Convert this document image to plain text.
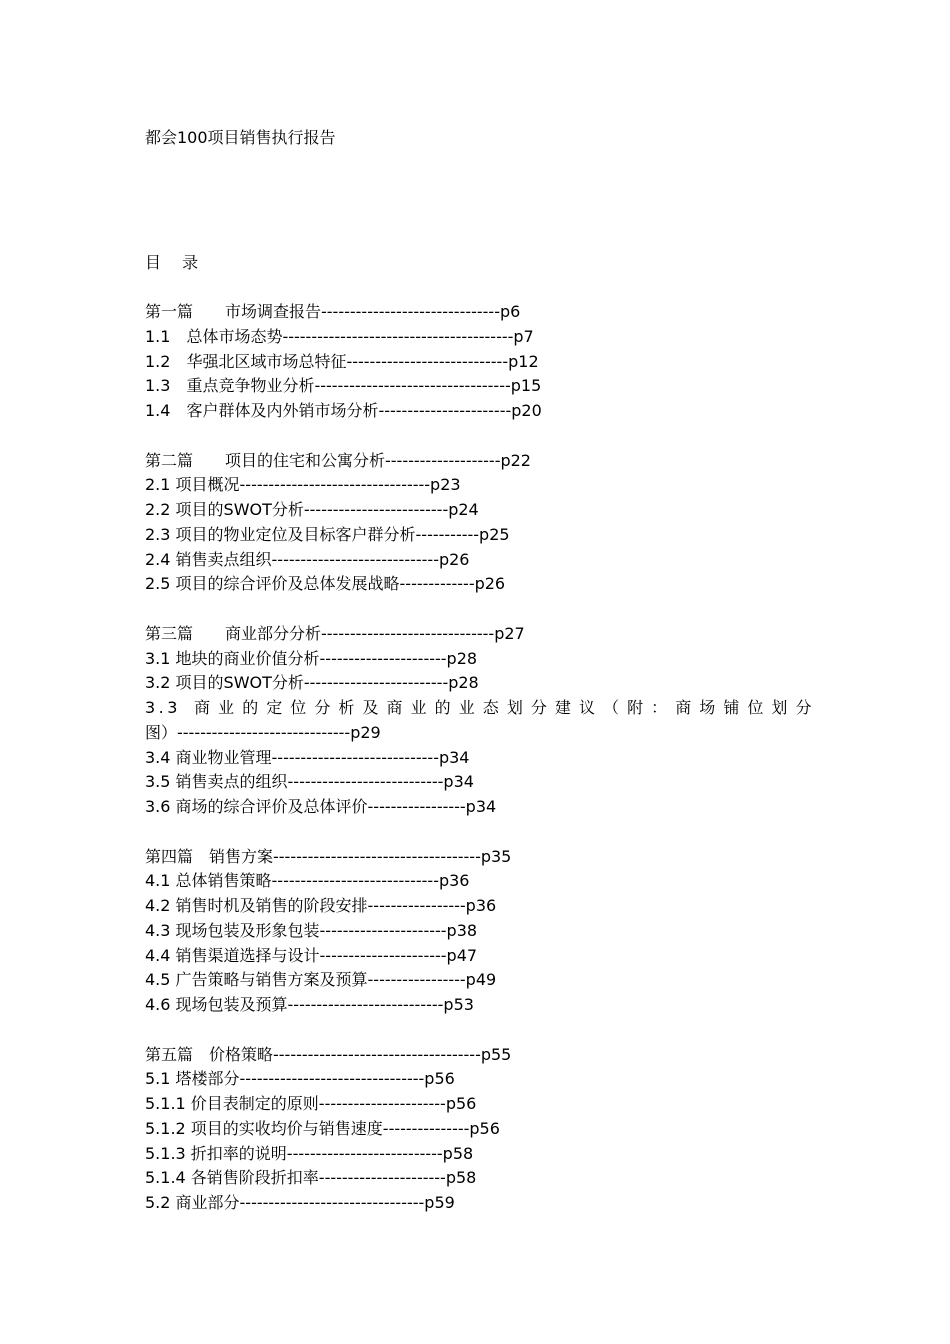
都会100项目销售执行报告
目 录
第一篇　　市场调查报告-------------------------------p6
1.1　总体市场态势----------------------------------------p7
1.2　华强北区域市场总特征----------------------------p12
1.3　重点竞争物业分析----------------------------------p15
1.4　客户群体及内外销市场分析-----------------------p20
第二篇　　项目的住宅和公寓分析--------------------p22
2.1 项目概况---------------------------------p23
2.2 项目的SWOT分析-------------------------p24
2.3 项目的物业定位及目标客户群分析-----------p25
2.4 销售卖点组织-----------------------------p26
2.5 项目的综合评价及总体发展战略-------------p26
第三篇　　商业部分分析------------------------------p27
3.1 地块的商业价值分析----------------------p28
3.2 项目的SWOT分析-------------------------p28
3.3 商业的定位分析及商业的业态划分建议（附：商场铺位划分
图）------------------------------p29
3.4 商业物业管理-----------------------------p34
3.5 销售卖点的组织---------------------------p34
3.6 商场的综合评价及总体评价-----------------p34
第四篇　销售方案------------------------------------p35
4.1 总体销售策略-----------------------------p36
4.2 销售时机及销售的阶段安排-----------------p36
4.3 现场包装及形象包装----------------------p38
4.4 销售渠道选择与设计----------------------p47
4.5 广告策略与销售方案及预算-----------------p49
4.6 现场包装及预算---------------------------p53
第五篇　价格策略------------------------------------p55
5.1 塔楼部分--------------------------------p56
5.1.1 价目表制定的原则----------------------p56
5.1.2 项目的实收均价与销售速度---------------p56
5.1.3 折扣率的说明---------------------------p58
5.1.4 各销售阶段折扣率----------------------p58
5.2 商业部分--------------------------------p59
